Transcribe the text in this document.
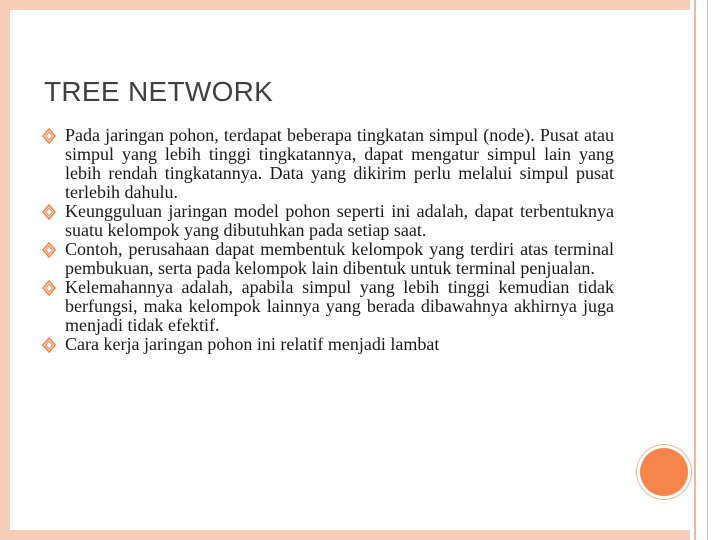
TREE NETWORK
Pada jaringan pohon, terdapat beberapa tingkatan simpul (node). Pusat atau simpul yang lebih tinggi tingkatannya, dapat mengatur simpul lain yang lebih rendah tingkatannya. Data yang dikirim perlu melalui simpul pusat terlebih dahulu.
Keungguluan jaringan model pohon seperti ini adalah, dapat terbentuknya suatu kelompok yang dibutuhkan pada setiap saat.
Contoh, perusahaan dapat membentuk kelompok yang terdiri atas terminal pembukuan, serta pada kelompok lain dibentuk untuk terminal penjualan.
Kelemahannya adalah, apabila simpul yang lebih tinggi kemudian tidak berfungsi, maka kelompok lainnya yang berada dibawahnya akhirnya juga menjadi tidak efektif.
Cara kerja jaringan pohon ini relatif menjadi lambat
